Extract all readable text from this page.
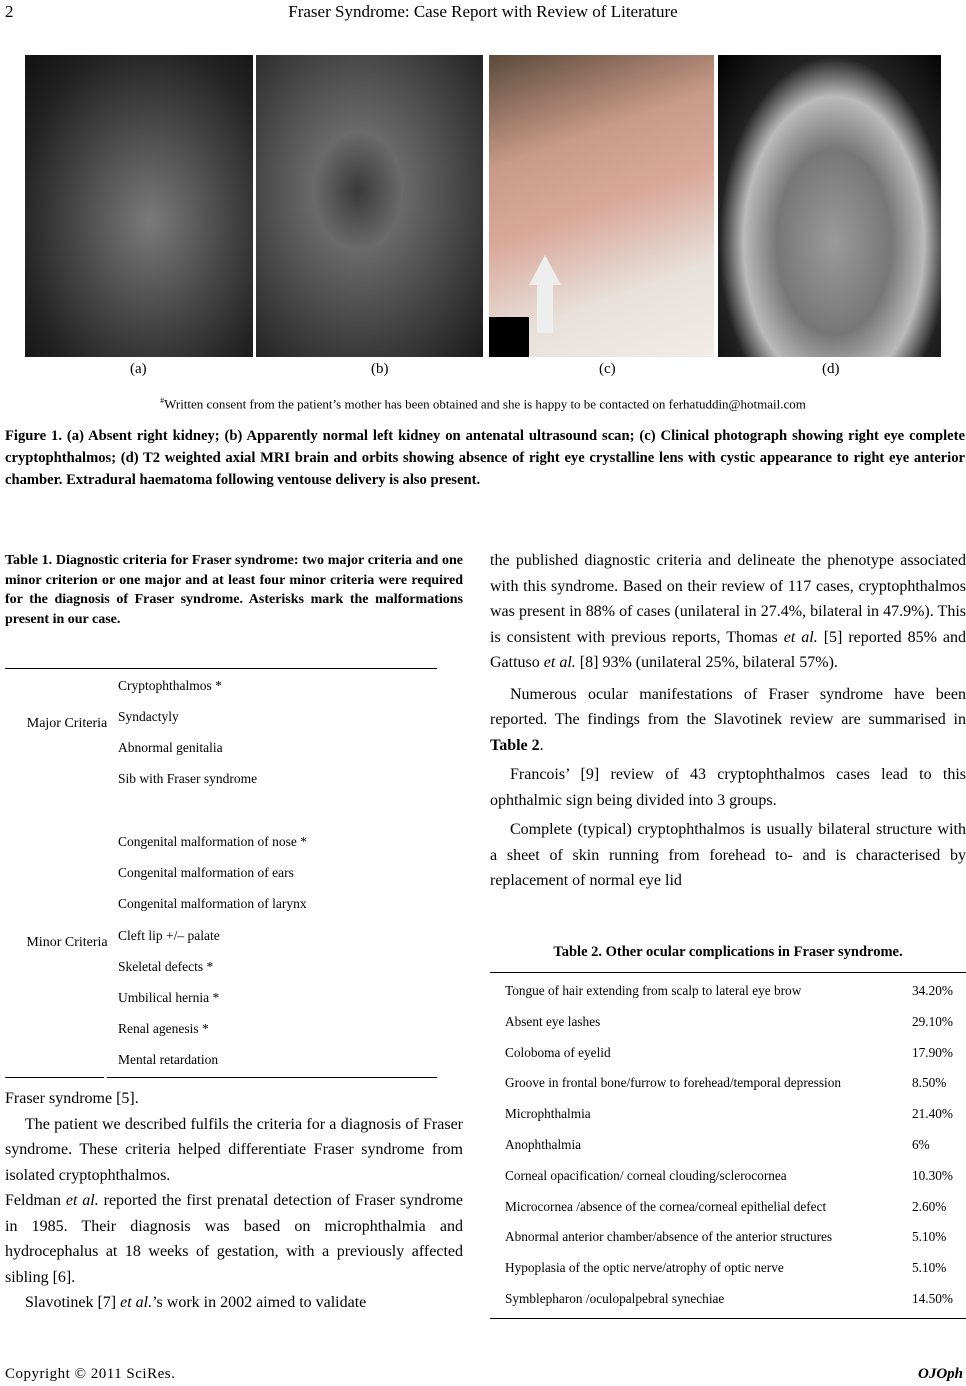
2	Fraser Syndrome: Case Report with Review of Literature
(a)	(b)	(c)	(d)
#Written consent from the patient’s mother has been obtained and she is happy to be contacted on ferhatuddin@hotmail.com
Figure 1. (a) Absent right kidney; (b) Apparently normal left kidney on antenatal ultrasound scan; (c) Clinical photograph showing right eye complete cryptophthalmos; (d) T2 weighted axial MRI brain and orbits showing absence of right eye crystalline lens with cystic appearance to right eye anterior chamber. Extradural haematoma following ventouse delivery is also present.
Table 1. Diagnostic criteria for Fraser syndrome: two major criteria and one minor criterion or one major and at least four minor criteria were required for the diagnosis of Fraser syndrome. Asterisks mark the malformations present in our case.
Major Criteria
Cryptophthalmos *
Syndactyly
Abnormal genitalia
Sib with Fraser syndrome
Minor Criteria
Congenital malformation of nose *
Congenital malformation of ears
Congenital malformation of larynx
Cleft lip +/– palate
Skeletal defects *
Umbilical hernia *
Renal agenesis *
Mental retardation

Fraser syndrome [5].

The patient we described fulfils the criteria for a diagnosis of Fraser syndrome. These criteria helped differentiate Fraser syndrome from isolated cryptophthalmos.

Feldman et al. reported the first prenatal detection of Fraser syndrome in 1985. Their diagnosis was based on microphthalmia and hydrocephalus at 18 weeks of gestation, with a previously affected sibling [6].

Slavotinek [7] et al.’s work in 2002 aimed to validate

the published diagnostic criteria and delineate the phenotype associated with this syndrome. Based on their review of 117 cases, cryptophthalmos was present in 88% of cases (unilateral in 27.4%, bilateral in 47.9%). This is consistent with previous reports, Thomas et al. [5] reported 85% and Gattuso et al. [8] 93% (unilateral 25%, bilateral 57%).

Numerous ocular manifestations of Fraser syndrome have been reported. The findings from the Slavotinek review are summarised in Table 2.

Francois’ [9] review of 43 cryptophthalmos cases lead to this ophthalmic sign being divided into 3 groups.

Complete (typical) cryptophthalmos is usually bilateral structure with a sheet of skin running from forehead to- and is characterised by replacement of normal eye lid

Table 2. Other ocular complications in Fraser syndrome.
Tongue of hair extending from scalp to lateral eye brow	34.20%
Absent eye lashes	29.10%
Coloboma of eyelid	17.90%
Groove in frontal bone/furrow to forehead/temporal depression	8.50%
Microphthalmia	21.40%
Anophthalmia	6%
Corneal opacification/ corneal clouding/sclerocornea	10.30%
Microcornea /absence of the cornea/corneal epithelial defect	2.60%
Abnormal anterior chamber/absence of the anterior structures	5.10%
Hypoplasia of the optic nerve/atrophy of optic nerve	5.10%
Symblepharon /oculopalpebral synechiae	14.50%
Copyright © 2011 SciRes.	OJOph
